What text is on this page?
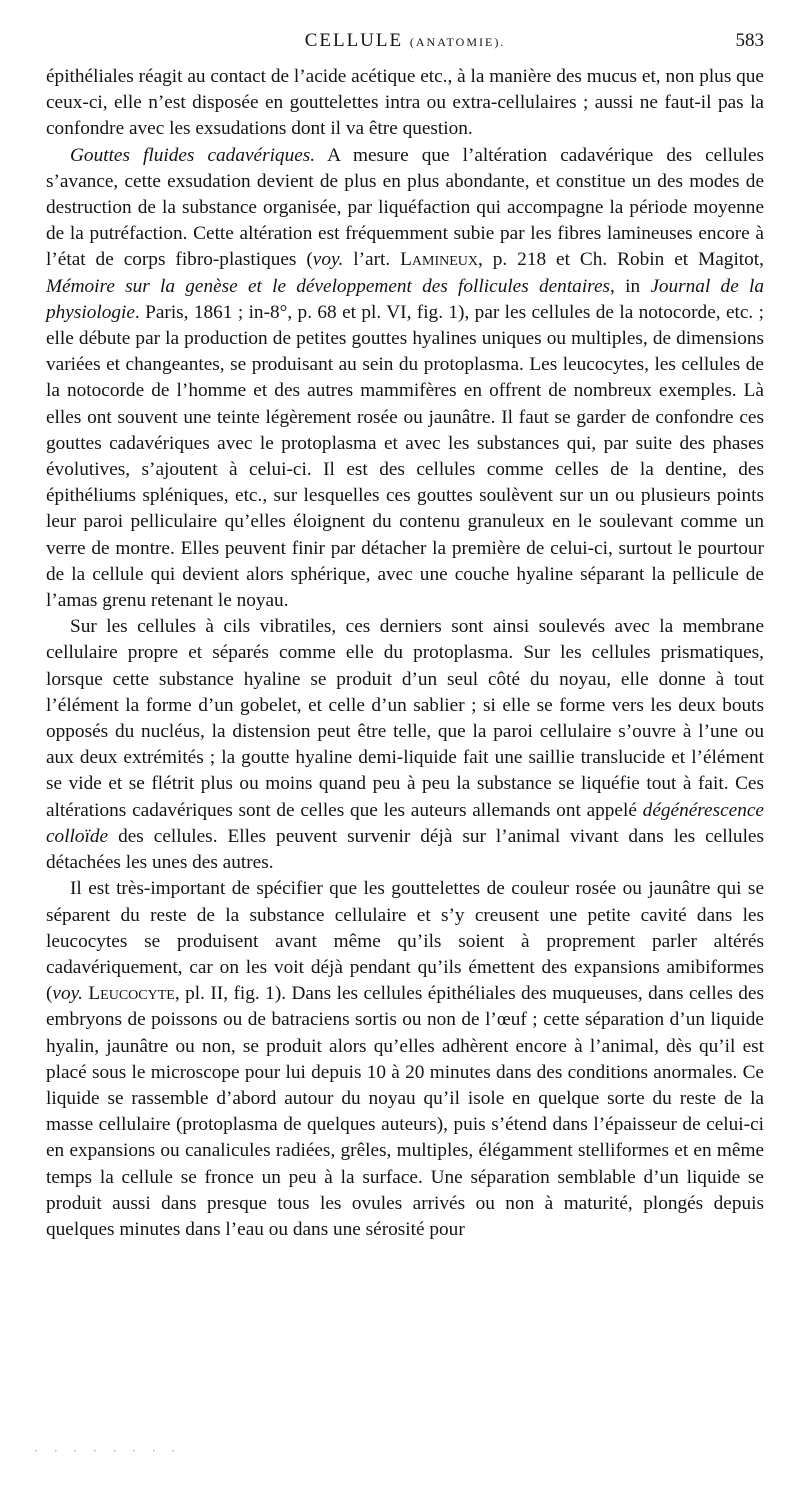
CELLULE (ANATOMIE).	583

épithéliales réagit au contact de l’acide acétique etc., à la manière des mucus et, non plus que ceux-ci, elle n’est disposée en gouttelettes intra ou extra-cellulaires ; aussi ne faut-il pas la confondre avec les exsudations dont il va être question.

Gouttes fluides cadavériques. A mesure que l’altération cadavérique des cellules s’avance, cette exsudation devient de plus en plus abondante, et constitue un des modes de destruction de la substance organisée, par liquéfaction qui accompagne la période moyenne de la putréfaction. Cette altération est fréquemment subie par les fibres lamineuses encore à l’état de corps fibro-plastiques (voy. l’art. Lamineux, p. 218 et Ch. Robin et Magitot, Mémoire sur la genèse et le développement des follicules dentaires, in Journal de la physiologie. Paris, 1861 ; in-8°, p. 68 et pl. VI, fig. 1), par les cellules de la notocorde, etc. ; elle débute par la production de petites gouttes hyalines uniques ou multiples, de dimensions variées et changeantes, se produisant au sein du protoplasma. Les leucocytes, les cellules de la notocorde de l’homme et des autres mammifères en offrent de nombreux exemples. Là elles ont souvent une teinte légèrement rosée ou jaunâtre. Il faut se garder de confondre ces gouttes cadavériques avec le protoplasma et avec les substances qui, par suite des phases évolutives, s’ajoutent à celui-ci. Il est des cellules comme celles de la dentine, des épithéliums spléniques, etc., sur lesquelles ces gouttes soulèvent sur un ou plusieurs points leur paroi pelliculaire qu’elles éloignent du contenu granuleux en le soulevant comme un verre de montre. Elles peuvent finir par détacher la première de celui-ci, surtout le pourtour de la cellule qui devient alors sphérique, avec une couche hyaline séparant la pellicule de l’amas grenu retenant le noyau.

Sur les cellules à cils vibratiles, ces derniers sont ainsi soulevés avec la membrane cellulaire propre et séparés comme elle du protoplasma. Sur les cellules prismatiques, lorsque cette substance hyaline se produit d’un seul côté du noyau, elle donne à tout l’élément la forme d’un gobelet, et celle d’un sablier ; si elle se forme vers les deux bouts opposés du nucléus, la distension peut être telle, que la paroi cellulaire s’ouvre à l’une ou aux deux extrémités ; la goutte hyaline demi-liquide fait une saillie translucide et l’élément se vide et se flétrit plus ou moins quand peu à peu la substance se liquéfie tout à fait. Ces altérations cadavériques sont de celles que les auteurs allemands ont appelé dégénérescence colloïde des cellules. Elles peuvent survenir déjà sur l’animal vivant dans les cellules détachées les unes des autres.

Il est très-important de spécifier que les gouttelettes de couleur rosée ou jaunâtre qui se séparent du reste de la substance cellulaire et s’y creusent une petite cavité dans les leucocytes se produisent avant même qu’ils soient à proprement parler altérés cadavériquement, car on les voit déjà pendant qu’ils émettent des expansions amibiformes (voy. Leucocyte, pl. II, fig. 1). Dans les cellules épithéliales des muqueuses, dans celles des embryons de poissons ou de batraciens sortis ou non de l’œuf ; cette séparation d’un liquide hyalin, jaunâtre ou non, se produit alors qu’elles adhèrent encore à l’animal, dès qu’il est placé sous le microscope pour lui depuis 10 à 20 minutes dans des conditions anormales. Ce liquide se rassemble d’abord autour du noyau qu’il isole en quelque sorte du reste de la masse cellulaire (protoplasma de quelques auteurs), puis s’étend dans l’épaisseur de celui-ci en expansions ou canalicules radiées, grêles, multiples, élégamment stelliformes et en même temps la cellule se fronce un peu à la surface. Une séparation semblable d’un liquide se produit aussi dans presque tous les ovules arrivés ou non à maturité, plongés depuis quelques minutes dans l’eau ou dans une sérosité pour

· · · · · · · ·
